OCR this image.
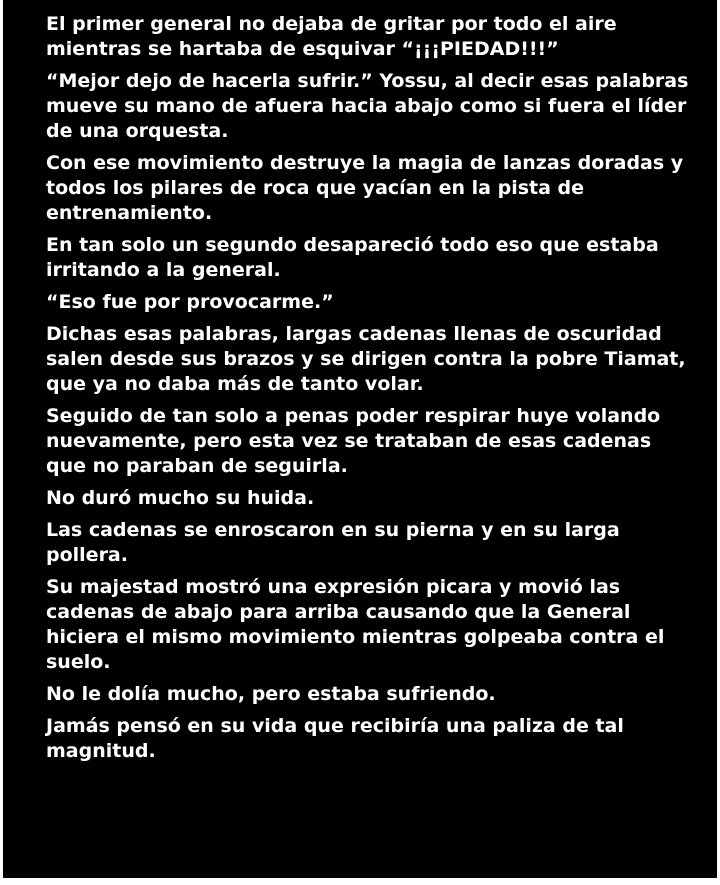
El primer general no dejaba de gritar por todo el aire mientras se hartaba de esquivar “¡¡¡PIEDAD!!!”

“Mejor dejo de hacerla sufrir.” Yossu, al decir esas palabras mueve su mano de afuera hacia abajo como si fuera el líder de una orquesta.

Con ese movimiento destruye la magia de lanzas doradas y todos los pilares de roca que yacían en la pista de entrenamiento.

En tan solo un segundo desapareció todo eso que estaba irritando a la general.

“Eso fue por provocarme.”

Dichas esas palabras, largas cadenas llenas de oscuridad salen desde sus brazos y se dirigen contra la pobre Tiamat, que ya no daba más de tanto volar.

Seguido de tan solo a penas poder respirar huye volando nuevamente, pero esta vez se trataban de esas cadenas que no paraban de seguirla.

No duró mucho su huida.

Las cadenas se enroscaron en su pierna y en su larga pollera.

Su majestad mostró una expresión picara y movió las cadenas de abajo para arriba causando que la General hiciera el mismo movimiento mientras golpeaba contra el suelo.

No le dolía mucho, pero estaba sufriendo.

Jamás pensó en su vida que recibiría una paliza de tal magnitud.
